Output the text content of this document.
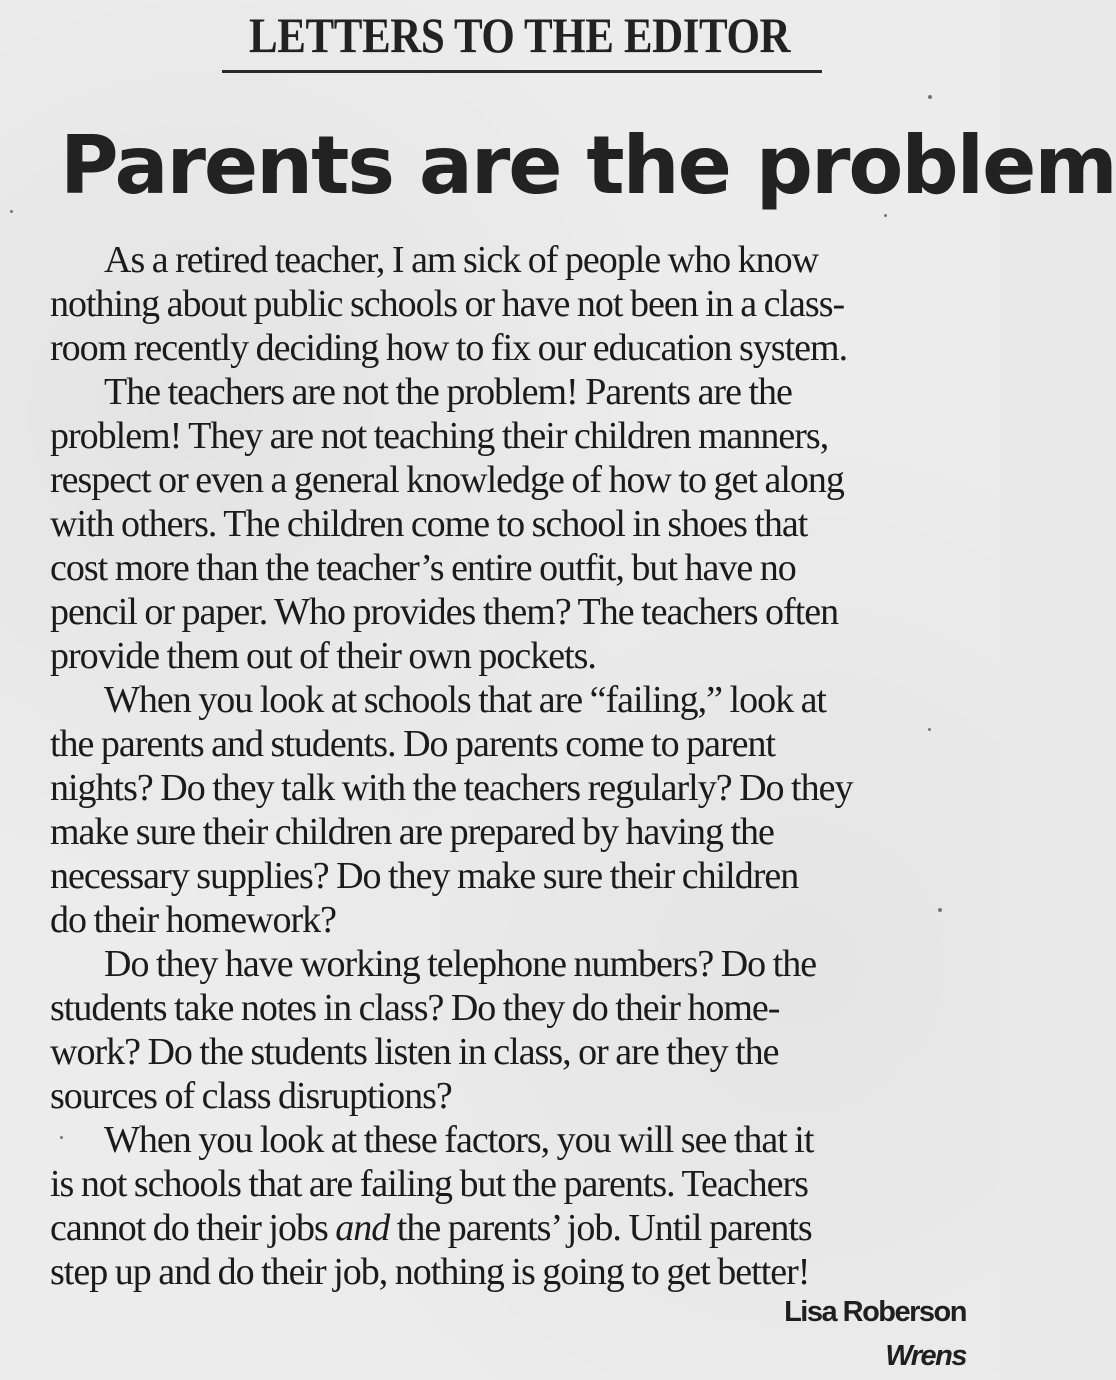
LETTERS TO THE EDITOR
Parents are the problem

As a retired teacher, I am sick of people who know
nothing about public schools or have not been in a class-
room recently deciding how to fix our education system.

The teachers are not the problem! Parents are the
problem! They are not teaching their children manners,
respect or even a general knowledge of how to get along
with others. The children come to school in shoes that
cost more than the teacher’s entire outfit, but have no
pencil or paper. Who provides them? The teachers often
provide them out of their own pockets.

When you look at schools that are “failing,” look at
the parents and students. Do parents come to parent
nights? Do they talk with the teachers regularly? Do they
make sure their children are prepared by having the
necessary supplies? Do they make sure their children
do their homework?

Do they have working telephone numbers? Do the
students take notes in class? Do they do their home-
work? Do the students listen in class, or are they the
sources of class disruptions?

When you look at these factors, you will see that it
is not schools that are failing but the parents. Teachers
cannot do their jobs and the parents’ job. Until parents
step up and do their job, nothing is going to get better!

Lisa Roberson
Wrens
